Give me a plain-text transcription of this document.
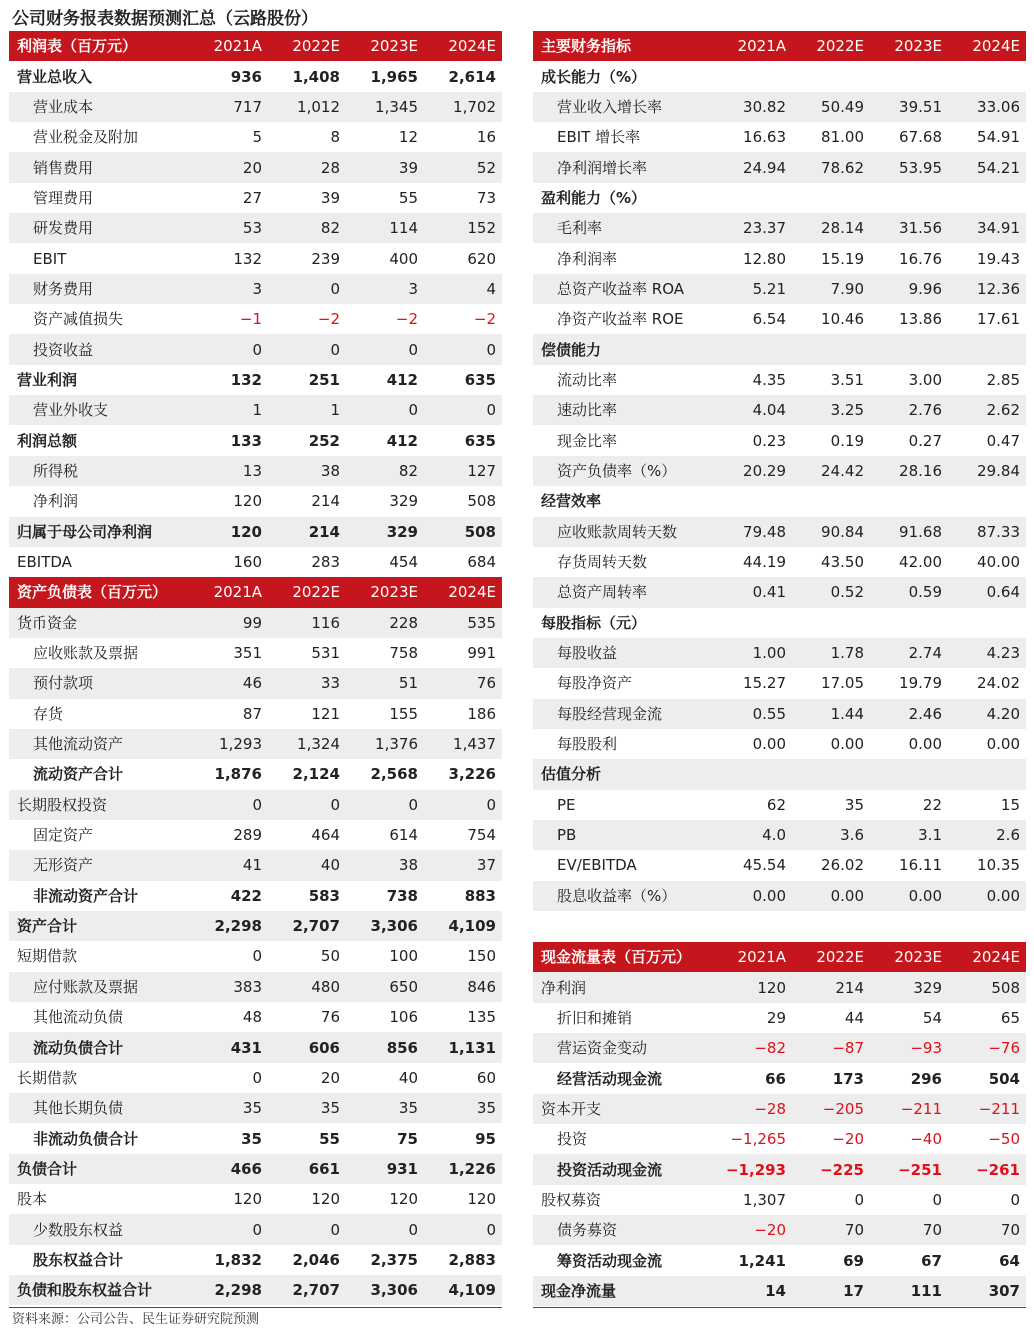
公司财务报表数据预测汇总（云路股份）
利润表（百万元）	2021A	2022E	2023E	2024E
营业总收入	936	1,408	1,965	2,614
营业成本	717	1,012	1,345	1,702
营业税金及附加	5	8	12	16
销售费用	20	28	39	52
管理费用	27	39	55	73
研发费用	53	82	114	152
EBIT	132	239	400	620
财务费用	3	0	3	4
资产减值损失	−1	−2	−2	−2
投资收益	0	0	0	0
营业利润	132	251	412	635
营业外收支	1	1	0	0
利润总额	133	252	412	635
所得税	13	38	82	127
净利润	120	214	329	508
归属于母公司净利润	120	214	329	508
EBITDA	160	283	454	684
资产负债表（百万元）	2021A	2022E	2023E	2024E
货币资金	99	116	228	535
应收账款及票据	351	531	758	991
预付款项	46	33	51	76
存货	87	121	155	186
其他流动资产	1,293	1,324	1,376	1,437
流动资产合计	1,876	2,124	2,568	3,226
长期股权投资	0	0	0	0
固定资产	289	464	614	754
无形资产	41	40	38	37
非流动资产合计	422	583	738	883
资产合计	2,298	2,707	3,306	4,109
短期借款	0	50	100	150
应付账款及票据	383	480	650	846
其他流动负债	48	76	106	135
流动负债合计	431	606	856	1,131
长期借款	0	20	40	60
其他长期负债	35	35	35	35
非流动负债合计	35	55	75	95
负债合计	466	661	931	1,226
股本	120	120	120	120
少数股东权益	0	0	0	0
股东权益合计	1,832	2,046	2,375	2,883
负债和股东权益合计	2,298	2,707	3,306	4,109
主要财务指标	2021A	2022E	2023E	2024E
成长能力（%）				
营业收入增长率	30.82	50.49	39.51	33.06
EBIT 增长率	16.63	81.00	67.68	54.91
净利润增长率	24.94	78.62	53.95	54.21
盈利能力（%）				
毛利率	23.37	28.14	31.56	34.91
净利润率	12.80	15.19	16.76	19.43
总资产收益率 ROA	5.21	7.90	9.96	12.36
净资产收益率 ROE	6.54	10.46	13.86	17.61
偿债能力				
流动比率	4.35	3.51	3.00	2.85
速动比率	4.04	3.25	2.76	2.62
现金比率	0.23	0.19	0.27	0.47
资产负债率（%）	20.29	24.42	28.16	29.84
经营效率				
应收账款周转天数	79.48	90.84	91.68	87.33
存货周转天数	44.19	43.50	42.00	40.00
总资产周转率	0.41	0.52	0.59	0.64
每股指标（元）				
每股收益	1.00	1.78	2.74	4.23
每股净资产	15.27	17.05	19.79	24.02
每股经营现金流	0.55	1.44	2.46	4.20
每股股利	0.00	0.00	0.00	0.00
估值分析				
PE	62	35	22	15
PB	4.0	3.6	3.1	2.6
EV/EBITDA	45.54	26.02	16.11	10.35
股息收益率（%）	0.00	0.00	0.00	0.00
现金流量表（百万元）	2021A	2022E	2023E	2024E
净利润	120	214	329	508
折旧和摊销	29	44	54	65
营运资金变动	−82	−87	−93	−76
经营活动现金流	66	173	296	504
资本开支	−28	−205	−211	−211
投资	−1,265	−20	−40	−50
投资活动现金流	−1,293	−225	−251	−261
股权募资	1,307	0	0	0
债务募资	−20	70	70	70
筹资活动现金流	1,241	69	67	64
现金净流量	14	17	111	307
资料来源：公司公告、民生证券研究院预测
